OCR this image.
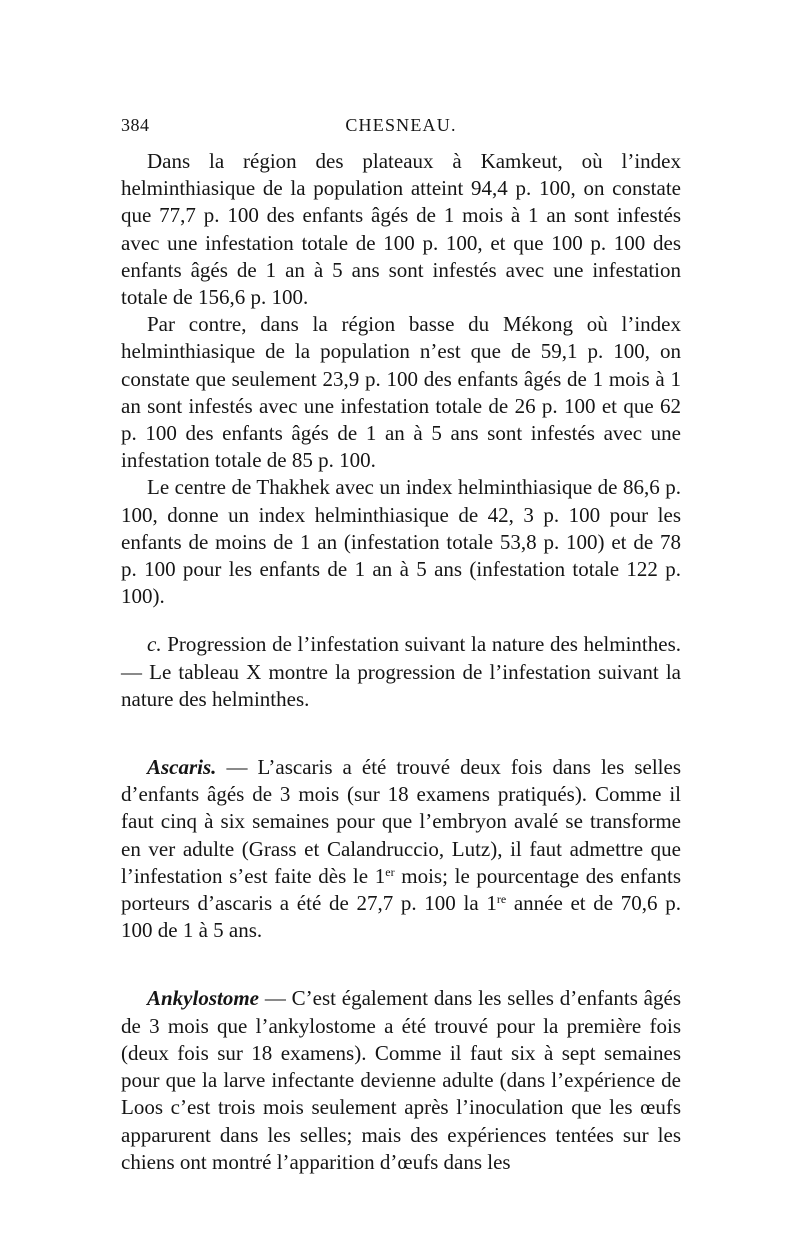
384	CHESNEAU.

Dans la région des plateaux à Kamkeut, où l’index helminthiasique de la population atteint 94,4 p. 100, on constate que 77,7 p. 100 des enfants âgés de 1 mois à 1 an sont infestés avec une infestation totale de 100 p. 100, et que 100 p. 100 des enfants âgés de 1 an à 5 ans sont infestés avec une infestation totale de 156,6 p. 100.

Par contre, dans la région basse du Mékong où l’index helminthiasique de la population n’est que de 59,1 p. 100, on constate que seulement 23,9 p. 100 des enfants âgés de 1 mois à 1 an sont infestés avec une infestation totale de 26 p. 100 et que 62 p. 100 des enfants âgés de 1 an à 5 ans sont infestés avec une infestation totale de 85 p. 100.

Le centre de Thakhek avec un index helminthiasique de 86,6 p. 100, donne un index helminthiasique de 42, 3 p. 100 pour les enfants de moins de 1 an (infestation totale 53,8 p. 100) et de 78 p. 100 pour les enfants de 1 an à 5 ans (infestation totale 122 p. 100).

c. Progression de l’infestation suivant la nature des helminthes. — Le tableau X montre la progression de l’infestation suivant la nature des helminthes.

Ascaris. — L’ascaris a été trouvé deux fois dans les selles d’enfants âgés de 3 mois (sur 18 examens pratiqués). Comme il faut cinq à six semaines pour que l’embryon avalé se transforme en ver adulte (Grass et Calandruccio, Lutz), il faut admettre que l’infestation s’est faite dès le 1er mois; le pourcentage des enfants porteurs d’ascaris a été de 27,7 p. 100 la 1re année et de 70,6 p. 100 de 1 à 5 ans.

Ankylostome — C’est également dans les selles d’enfants âgés de 3 mois que l’ankylostome a été trouvé pour la première fois (deux fois sur 18 examens). Comme il faut six à sept semaines pour que la larve infectante devienne adulte (dans l’expérience de Loos c’est trois mois seulement après l’inoculation que les œufs apparurent dans les selles; mais des expériences tentées sur les chiens ont montré l’apparition d’œufs dans les
